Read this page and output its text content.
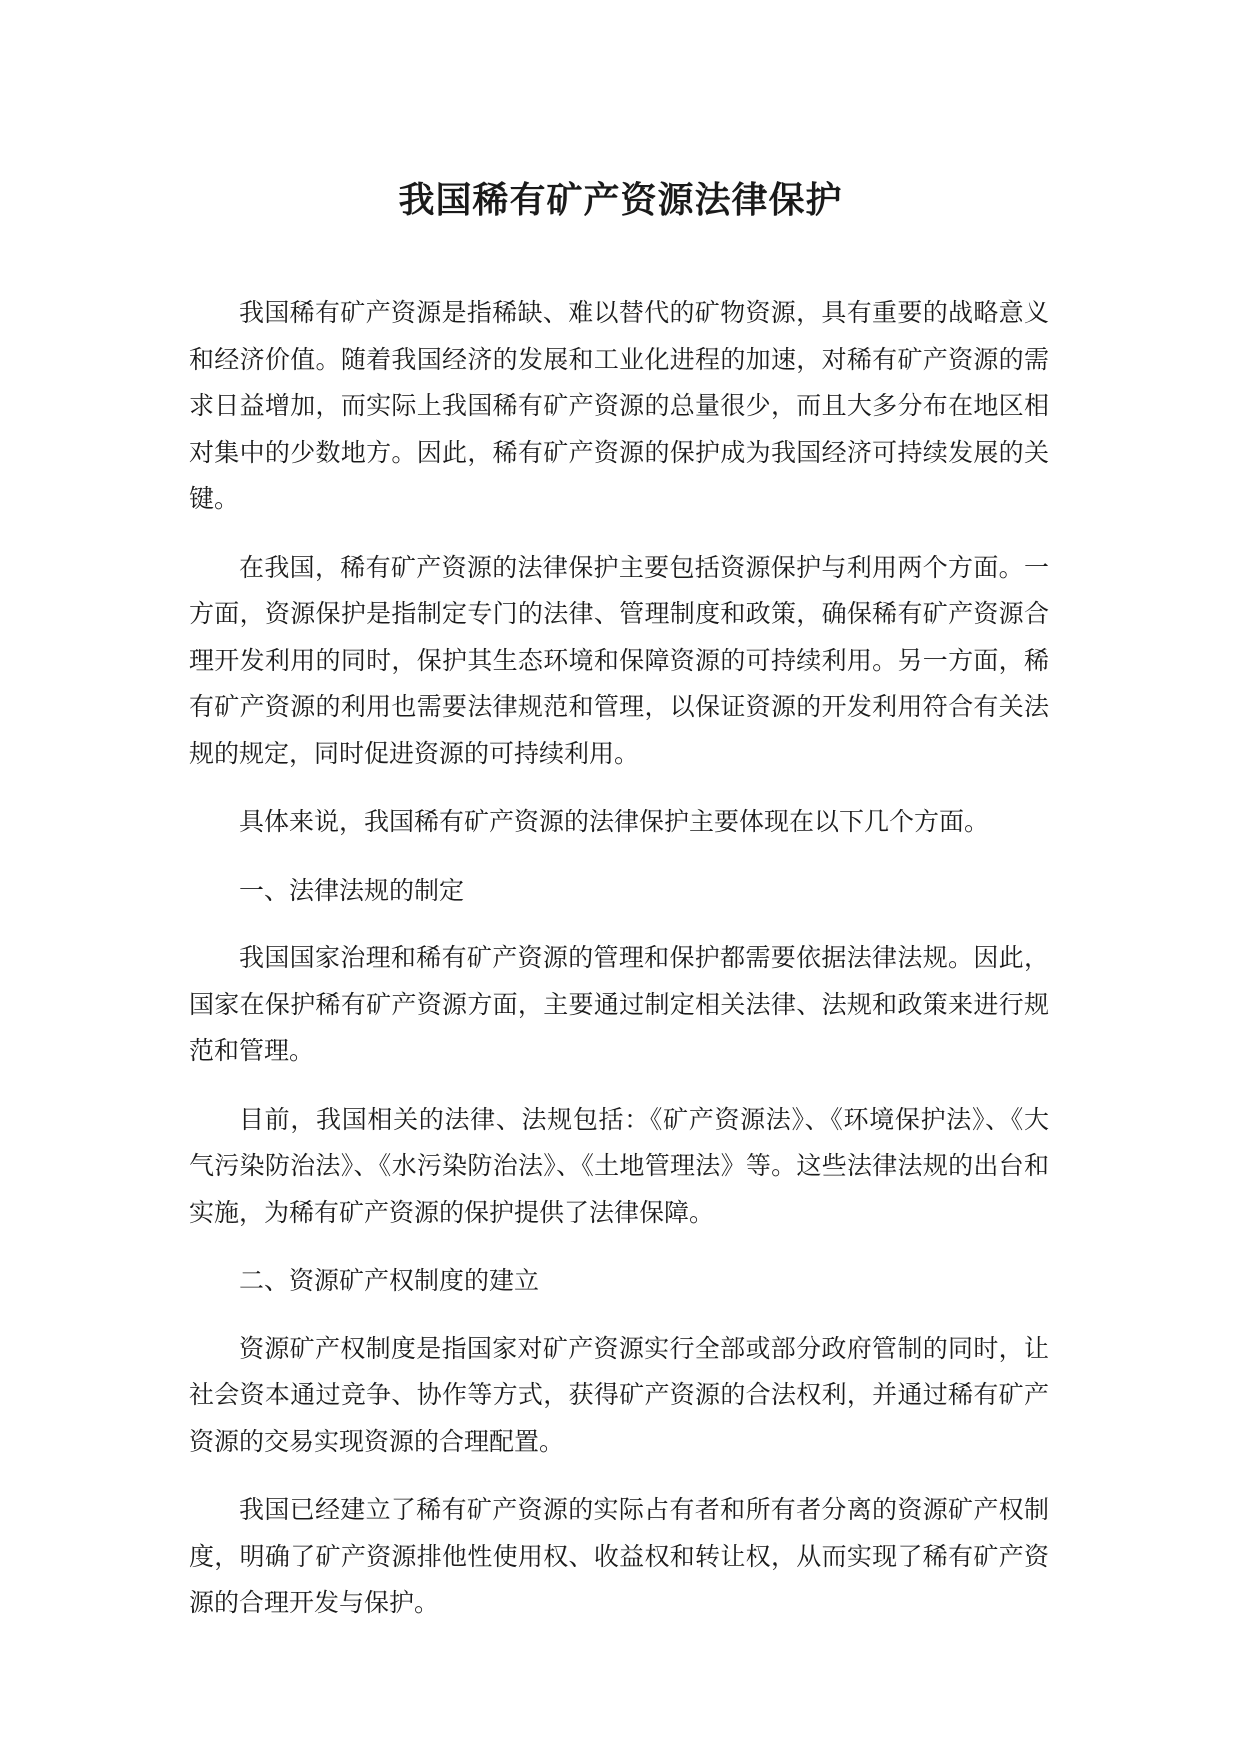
我国稀有矿产资源法律保护

我国稀有矿产资源是指稀缺、难以替代的矿物资源，具有重要的战略意义和经济价值。随着我国经济的发展和工业化进程的加速，对稀有矿产资源的需求日益增加，而实际上我国稀有矿产资源的总量很少，而且大多分布在地区相对集中的少数地方。因此，稀有矿产资源的保护成为我国经济可持续发展的关键。

在我国，稀有矿产资源的法律保护主要包括资源保护与利用两个方面。一方面，资源保护是指制定专门的法律、管理制度和政策，确保稀有矿产资源合理开发利用的同时，保护其生态环境和保障资源的可持续利用。另一方面，稀有矿产资源的利用也需要法律规范和管理，以保证资源的开发利用符合有关法规的规定，同时促进资源的可持续利用。

具体来说，我国稀有矿产资源的法律保护主要体现在以下几个方面。

一、法律法规的制定

我国国家治理和稀有矿产资源的管理和保护都需要依据法律法规。因此，国家在保护稀有矿产资源方面，主要通过制定相关法律、法规和政策来进行规范和管理。

目前，我国相关的法律、法规包括：《矿产资源法》、《环境保护法》、《大气污染防治法》、《水污染防治法》、《土地管理法》等。这些法律法规的出台和实施，为稀有矿产资源的保护提供了法律保障。

二、资源矿产权制度的建立

资源矿产权制度是指国家对矿产资源实行全部或部分政府管制的同时，让社会资本通过竞争、协作等方式，获得矿产资源的合法权利，并通过稀有矿产资源的交易实现资源的合理配置。

我国已经建立了稀有矿产资源的实际占有者和所有者分离的资源矿产权制度，明确了矿产资源排他性使用权、收益权和转让权，从而实现了稀有矿产资源的合理开发与保护。
